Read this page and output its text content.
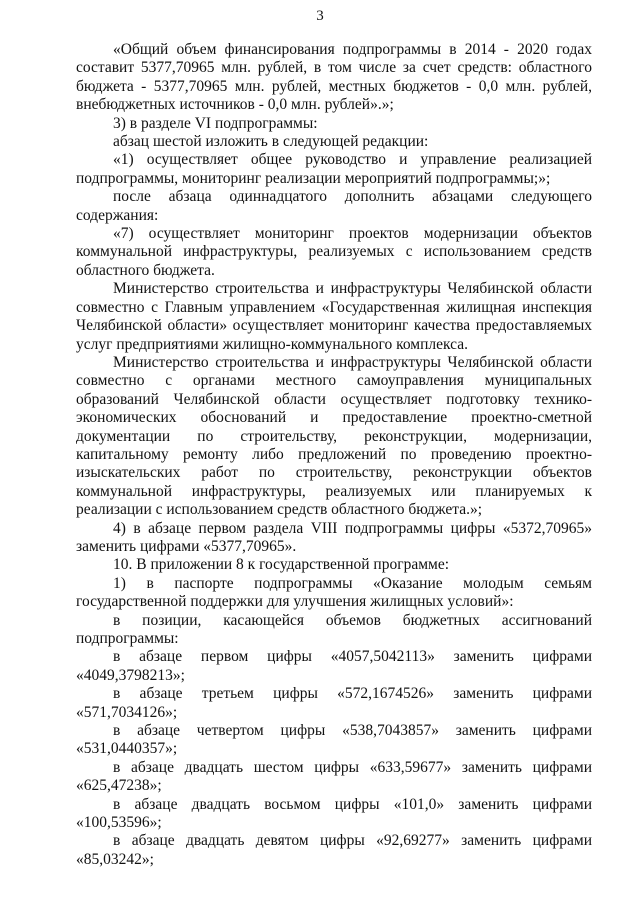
3

«Общий объем финансирования подпрограммы в 2014 - 2020 годах составит 5377,70965 млн. рублей, в том числе за счет средств: областного бюджета - 5377,70965 млн. рублей, местных бюджетов - 0,0 млн. рублей, внебюджетных источников - 0,0 млн. рублей».»;

3) в разделе VI подпрограммы:

абзац шестой изложить в следующей редакции:

«1) осуществляет общее руководство и управление реализацией подпрограммы, мониторинг реализации мероприятий подпрограммы;»;

после абзаца одиннадцатого дополнить абзацами следующего содержания:

«7) осуществляет мониторинг проектов модернизации объектов коммунальной инфраструктуры, реализуемых с использованием средств областного бюджета.

Министерство строительства и инфраструктуры Челябинской области совместно с Главным управлением «Государственная жилищная инспекция Челябинской области» осуществляет мониторинг качества предоставляемых услуг предприятиями жилищно-коммунального комплекса.

Министерство строительства и инфраструктуры Челябинской области совместно с органами местного самоуправления муниципальных образований Челябинской области осуществляет подготовку технико-экономических обоснований и предоставление проектно-сметной документации по строительству, реконструкции, модернизации, капитальному ремонту либо предложений по проведению проектно-изыскательских работ по строительству, реконструкции объектов коммунальной инфраструктуры, реализуемых или планируемых к реализации с использованием средств областного бюджета.»;

4) в абзаце первом раздела VIII подпрограммы цифры «5372,70965» заменить цифрами «5377,70965».

10. В приложении 8 к государственной программе:

1) в паспорте подпрограммы «Оказание молодым семьям государственной поддержки для улучшения жилищных условий»:

в позиции, касающейся объемов бюджетных ассигнований подпрограммы:

в абзаце первом цифры «4057,5042113» заменить цифрами «4049,3798213»;

в абзаце третьем цифры «572,1674526» заменить цифрами «571,7034126»;

в абзаце четвертом цифры «538,7043857» заменить цифрами «531,0440357»;

в абзаце двадцать шестом цифры «633,59677» заменить цифрами «625,47238»;

в абзаце двадцать восьмом цифры «101,0» заменить цифрами «100,53596»;

в абзаце двадцать девятом цифры «92,69277» заменить цифрами «85,03242»;
